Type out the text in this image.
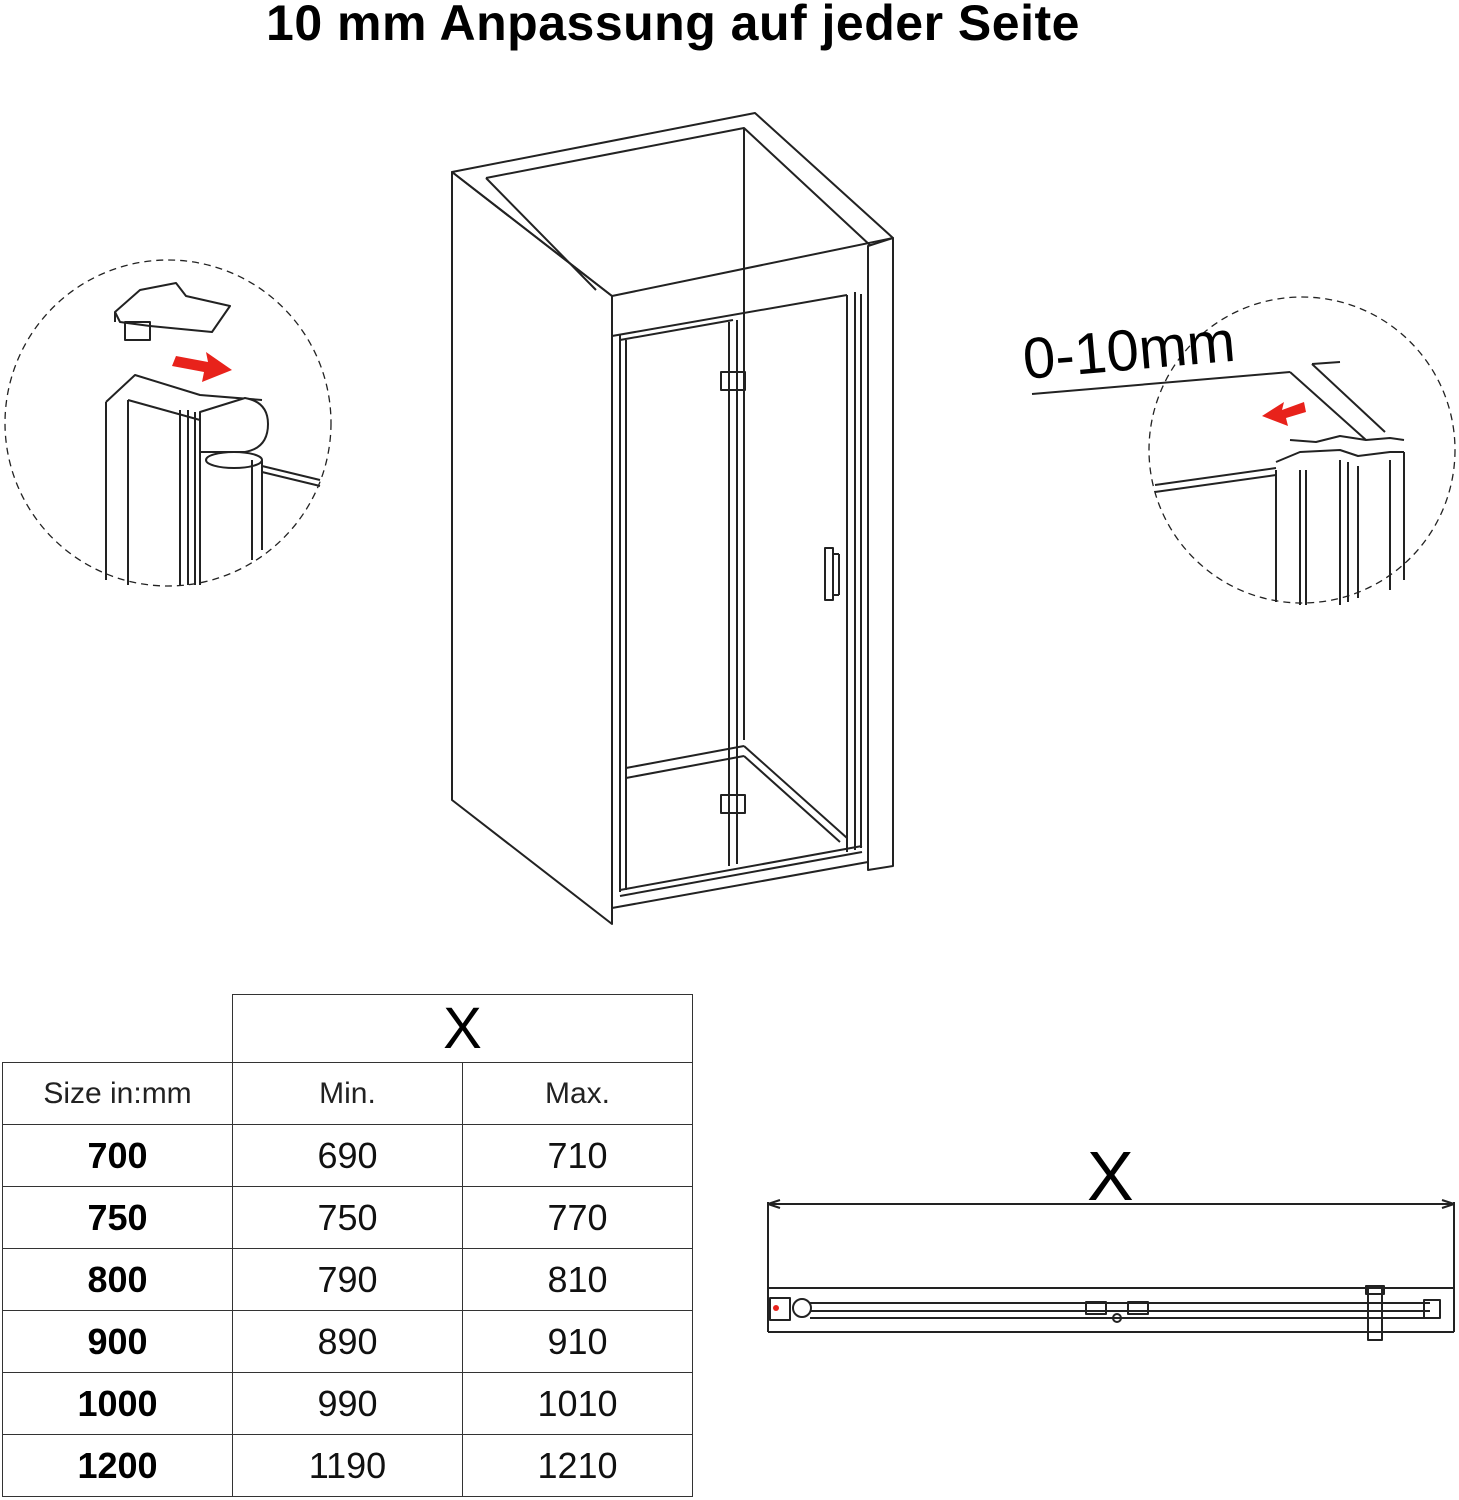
10 mm Anpassung auf jeder Seite
0-10mm
X
	X	
Size in:mm	Min.	Max.
700	690	710
750	750	770
800	790	810
900	890	910
1000	990	1010
1200	1190	1210
